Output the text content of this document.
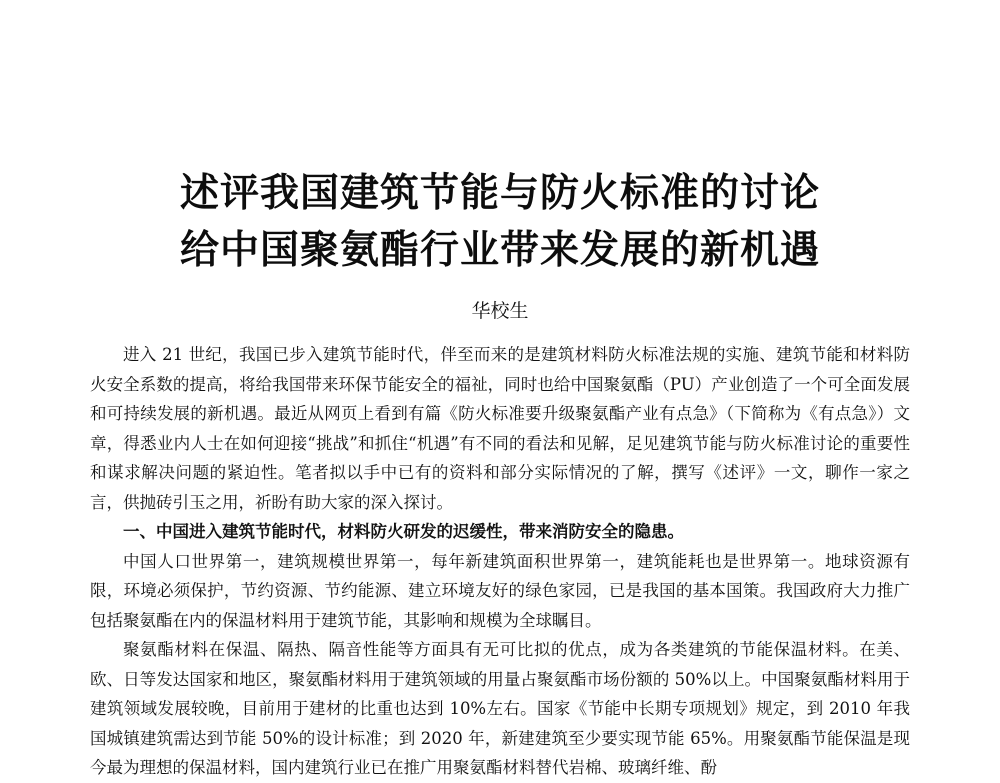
述评我国建筑节能与防火标准的讨论
给中国聚氨酯行业带来发展的新机遇
华校生

进入 21 世纪，我国已步入建筑节能时代，伴至而来的是建筑材料防火标准法规的实施、建筑节能和材料防火安全系数的提高，将给我国带来环保节能安全的福祉，同时也给中国聚氨酯（PU）产业创造了一个可全面发展和可持续发展的新机遇。最近从网页上看到有篇《防火标准要升级聚氨酯产业有点急》（下简称为《有点急》）文章，得悉业内人士在如何迎接“挑战”和抓住“机遇”有不同的看法和见解，足见建筑节能与防火标准讨论的重要性和谋求解决问题的紧迫性。笔者拟以手中已有的资料和部分实际情况的了解，撰写《述评》一文，聊作一家之言，供抛砖引玉之用，祈盼有助大家的深入探讨。

一、中国进入建筑节能时代，材料防火研发的迟缓性，带来消防安全的隐患。

中国人口世界第一，建筑规模世界第一，每年新建筑面积世界第一，建筑能耗也是世界第一。地球资源有限，环境必须保护，节约资源、节约能源、建立环境友好的绿色家园，已是我国的基本国策。我国政府大力推广包括聚氨酯在内的保温材料用于建筑节能，其影响和规模为全球瞩目。

聚氨酯材料在保温、隔热、隔音性能等方面具有无可比拟的优点，成为各类建筑的节能保温材料。在美、欧、日等发达国家和地区，聚氨酯材料用于建筑领域的用量占聚氨酯市场份额的 50%以上。中国聚氨酯材料用于建筑领域发展较晚，目前用于建材的比重也达到 10%左右。国家《节能中长期专项规划》规定，到 2010 年我国城镇建筑需达到节能 50%的设计标准；到 2020 年，新建建筑至少要实现节能 65%。用聚氨酯节能保温是现今最为理想的保温材料，国内建筑行业已在推广用聚氨酯材料替代岩棉、玻璃纤维、酚
